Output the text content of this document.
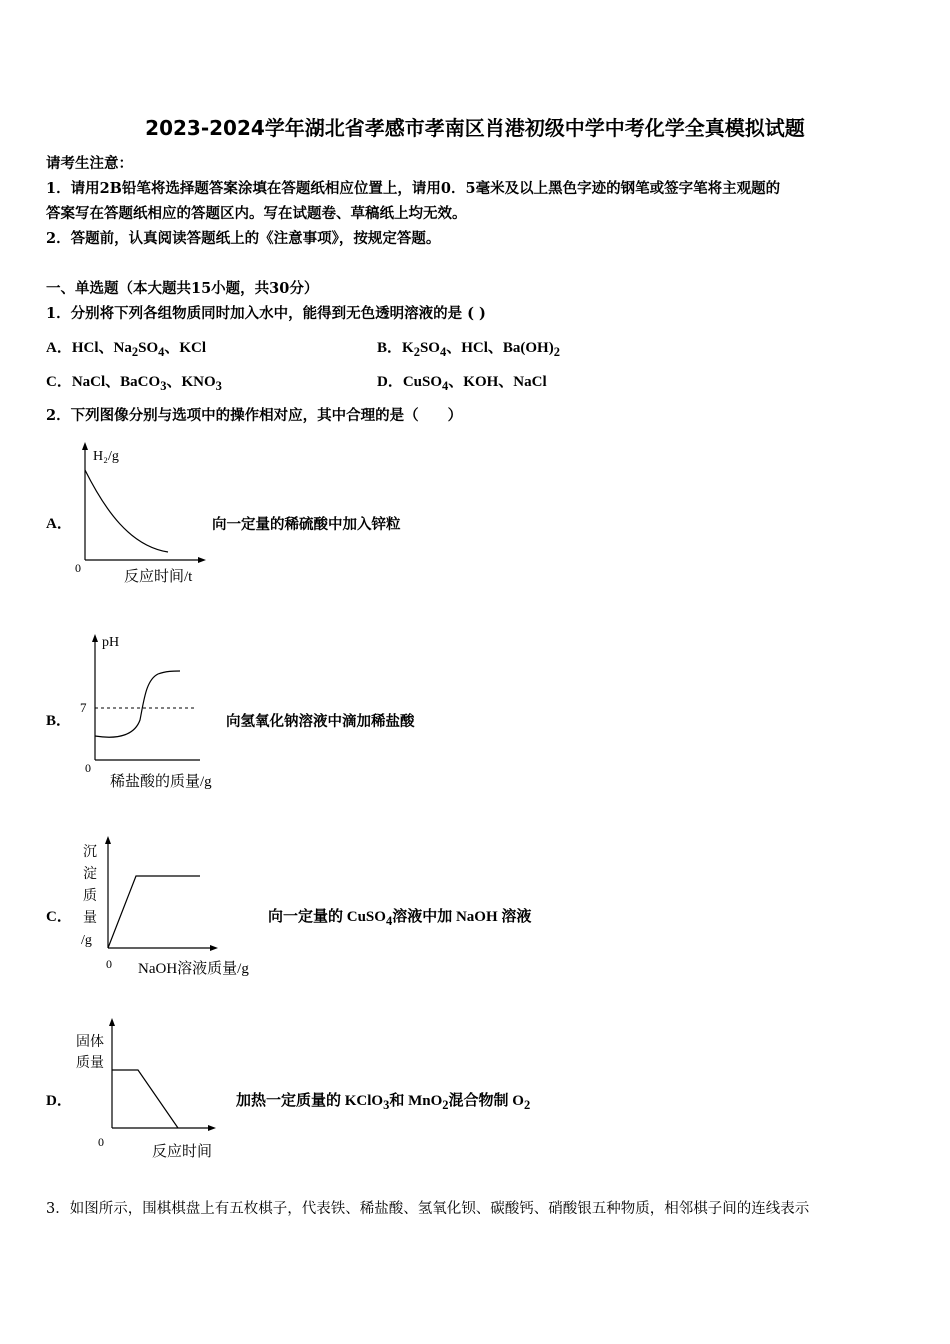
2023-2024学年湖北省孝感市孝南区肖港初级中学中考化学全真模拟试题
请考生注意：
1．请用2B铅笔将选择题答案涂填在答题纸相应位置上，请用0．5毫米及以上黑色字迹的钢笔或签字笔将主观题的
答案写在答题纸相应的答题区内。写在试题卷、草稿纸上均无效。
2．答题前，认真阅读答题纸上的《注意事项》，按规定答题。
一、单选题（本大题共15小题，共30分）
1．分别将下列各组物质同时加入水中，能得到无色透明溶液的是 ( )
A．HCl、$Na_2SO_4$、KCl	B．$K_2SO_4$、HCl、$Ba(OH)_2$
C．NaCl、BaCO$_3$、$KNO_3$	D．CuSO$_4$、KOH、NaCl
2．下列图像分别与选项中的操作相对应，其中合理的是（　　）
A．
H₂/g
0
反应时间/t
向一定量的稀硫酸中加入锌粒
B．
pH
7
0
稀盐酸的质量/g
向氢氧化钠溶液中滴加稀盐酸
C．
沉
淀
质
量
/g
0 NaOH溶液质量/g
向一定量的 CuSO$_4$溶液中加 NaOH 溶液
D．
固体
质量
0
反应时间
加热一定质量的 KClO$_3$和 MnO$_2$混合物制 $O_2$
3．如图所示，围棋棋盘上有五枚棋子，代表铁、稀盐酸、氢氧化钡、碳酸钙、硝酸银五种物质，相邻棋子间的连线表示
